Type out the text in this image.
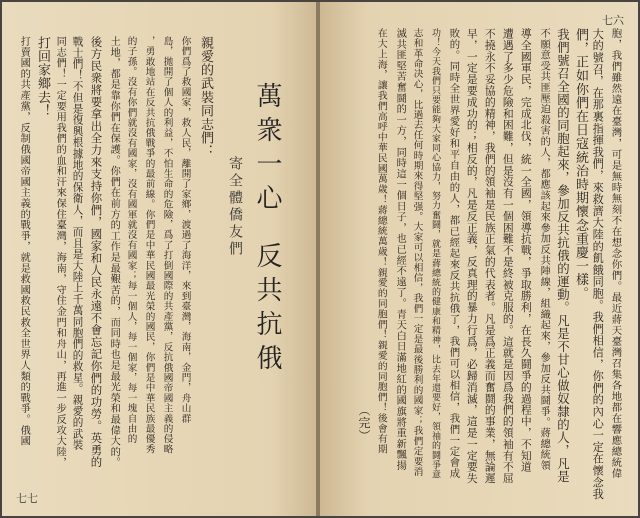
七七
萬衆一心
反共抗俄
寄全體僑友們
親愛的武裝同志們：
你們爲了救國家，救人民，離開了家鄉，渡過了海洋，來到臺灣，海南，金門，舟山群
島，拋開了個人的利益，不怕生命的危險，爲了打倒國際的共產黨，反抗俄國帝國主義的侵略
，勇敢地站在反共抗俄戰爭的最前線。你們是中華民國最光榮的國民，你們是中華民族最優秀
的子孫。沒有你們就沒有國家，沒有國軍就沒有國家；每一個人，每一個家，每一塊自由的
土地，都是靠你們在保護。你們在前方的工作是最艱苦的，而同時也是最光榮和最偉大的。
後方民衆將要拿出全力來支持你們，國家和人民永遠不會忘記你們的功勞。英勇的
戰士們！不但是復興根據地的保衛人，而且是大陸上千萬同胞們的救星。親愛的武裝
同志們！一定要用我們的血和汗來保住臺灣，海南，守住金門和舟山，再進一步反攻大陸，
打回家鄉去！
打賣國的共產黨，反制俄國帝國主義的戰爭，就是救國救民救全世界人類的戰爭。俄國
七六
胞，我們雖然遠在臺灣，可是無時無刻不在想念你們。最近蔣天臺灣召集各地都在響應總統偉
大的號召，在那裏指揮我們，來救濟大陸的飢餓同胞。我們相信，你們的內心一定在懷念我
們，正如你們在日寇統治時期懷念重慶一樣。
我們號召全國的同胞起來，參加反共抗俄的運動。凡是不甘心做奴隸的人，凡是
不願意受共匪壓迫殺害的人，都應該起來參加反共陣線，組織起來，參加反共鬪爭。蔣總統領
導全國軍民，完成北伐，統一全國，領導抗戰，爭取勝利，在長久鬪爭的過程中，不知道
遭遇了多少危險和困難，但是沒有一個困難不是終被克服的。這就是因爲我們的領袖有不屈
不撓永不妥協的精神，我們的領袖是民族正氣的代表者。凡是爲正義而奮鬪的事業，無論遲
早，一定是要成功的；相反的，凡是反正義，反真理的暴力行爲，必歸消滅，這是一定要失
敗的。同時全世界愛好和平自由的人，都已經起來反共抗俄了，我們可以相信，我們一定會成
功！今天我們只要能夠大家同心協力，努力奮鬪，就是蔣總統的健康和精神，比去年還要好，領袖的鬪爭意
志和革命决心，比過去任何時期來得堅强。大家可以相信，我們一定是最後勝利的國家；我們定要消
滅共匪堅苦奮鬪的一方，同時這一個日子，也已經不遠了。青天白日滿地紅的國旗將重新飄揚
在大上海，讓我們高呼中華民國萬歲！蔣總統萬歲！親愛的同胞們！親愛的同胞們！後會有期
（完）
